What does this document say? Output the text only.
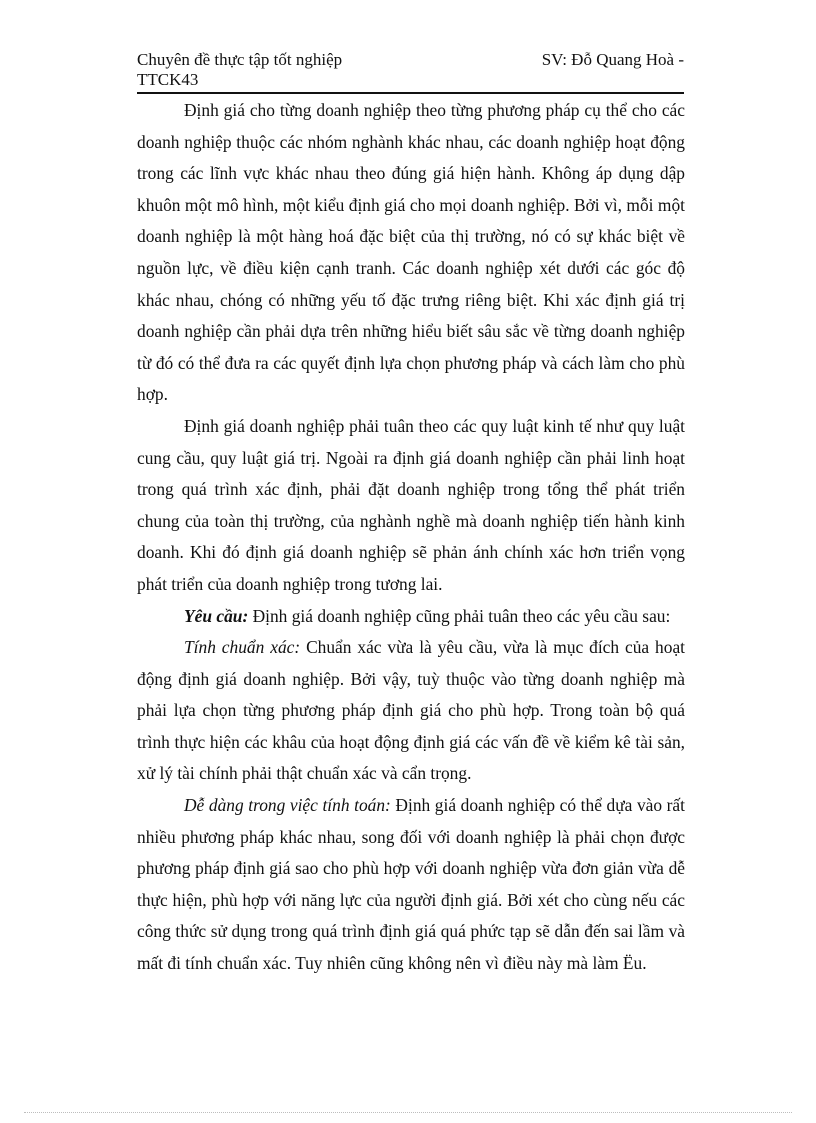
Chuyên đề thực tập tốt nghiệp	SV: Đỗ Quang Hoà -
TTCK43

Định giá cho từng doanh nghiệp theo từng phương pháp cụ thể cho các doanh nghiệp thuộc các nhóm nghành khác nhau, các doanh nghiệp hoạt động trong các lĩnh vực khác nhau theo đúng giá hiện hành. Không áp dụng dập khuôn một mô hình, một kiểu định giá cho mọi doanh nghiệp. Bởi vì, mỗi một doanh nghiệp là một hàng hoá đặc biệt của thị trường, nó có sự khác biệt về nguồn lực, về điều kiện cạnh tranh. Các doanh nghiệp xét dưới các góc độ khác nhau, chóng có những yếu tố đặc trưng riêng biệt. Khi xác định giá trị doanh nghiệp cần phải dựa trên những hiểu biết sâu sắc về từng doanh nghiệp từ đó có thể đưa ra các quyết định lựa chọn phương pháp và cách làm cho phù hợp.

Định giá doanh nghiệp phải tuân theo các quy luật kinh tế như quy luật cung cầu, quy luật giá trị. Ngoài ra định giá doanh nghiệp cần phải linh hoạt trong quá trình xác định, phải đặt doanh nghiệp trong tổng thể phát triển chung của toàn thị trường, của nghành nghề mà doanh nghiệp tiến hành kinh doanh. Khi đó định giá doanh nghiệp sẽ phản ánh chính xác hơn triển vọng phát triển của doanh nghiệp trong tương lai.

Yêu cầu: Định giá doanh nghiệp cũng phải tuân theo các yêu cầu sau:

Tính chuẩn xác: Chuẩn xác vừa là yêu cầu, vừa là mục đích của hoạt động định giá doanh nghiệp. Bởi vậy, tuỳ thuộc vào từng doanh nghiệp mà phải lựa chọn từng phương pháp định giá cho phù hợp. Trong toàn bộ quá trình thực hiện các khâu của hoạt động định giá các vấn đề về kiểm kê tài sản, xử lý tài chính phải thật chuẩn xác và cẩn trọng.

Dễ dàng trong việc tính toán: Định giá doanh nghiệp có thể dựa vào rất nhiều phương pháp khác nhau, song đối với doanh nghiệp là phải chọn được phương pháp định giá sao cho phù hợp với doanh nghiệp vừa đơn giản vừa dễ thực hiện, phù hợp với năng lực của người định giá. Bởi xét cho cùng nếu các công thức sử dụng trong quá trình định giá quá phức tạp sẽ dẫn đến sai lầm và mất đi tính chuẩn xác. Tuy nhiên cũng không nên vì điều này mà làm Ëu.
